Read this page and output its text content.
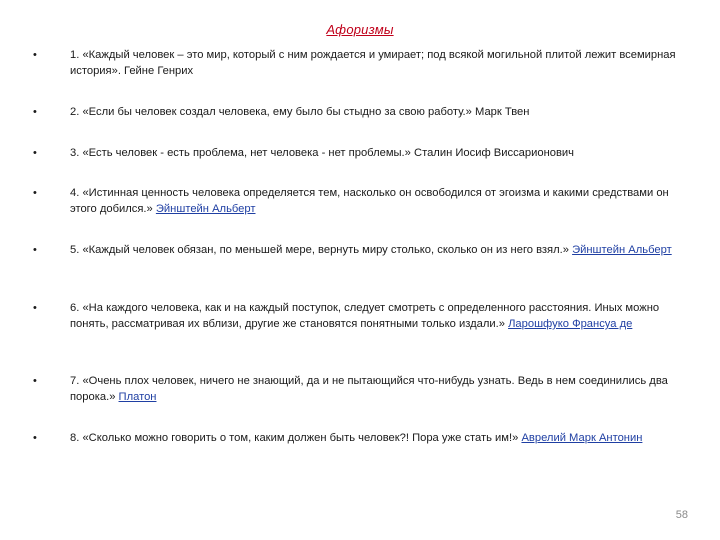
Афоризмы
•	1. «Каждый человек – это мир, который с ним рождается и умирает; под всякой могильной плитой лежит всемирная история». Гейне Генрих
•	2. «Если бы человек создал человека, ему было бы стыдно за свою работу.» Марк Твен
•	3. «Есть человек - есть проблема, нет человека - нет проблемы.» Сталин Иосиф Виссарионович
•	4. «Истинная ценность человека определяется тем, насколько он освободился от эгоизма и какими средствами он этого добился.» Эйнштейн Альберт
•	5. «Каждый человек обязан, по меньшей мере, вернуть миру столько, сколько он из него взял.» Эйнштейн Альберт
•	6. «На каждого человека, как и на каждый поступок, следует смотреть с определенного расстояния. Иных можно понять, рассматривая их вблизи, другие же становятся понятными только издали.» Ларошфуко Франсуа де
•	7. «Очень плох человек, ничего не знающий, да и не пытающийся что-нибудь узнать. Ведь в нем соединились два порока.» Платон
•	8. «Сколько можно говорить о том, каким должен быть человек?! Пора уже стать им!» Аврелий Марк Антонин
58
